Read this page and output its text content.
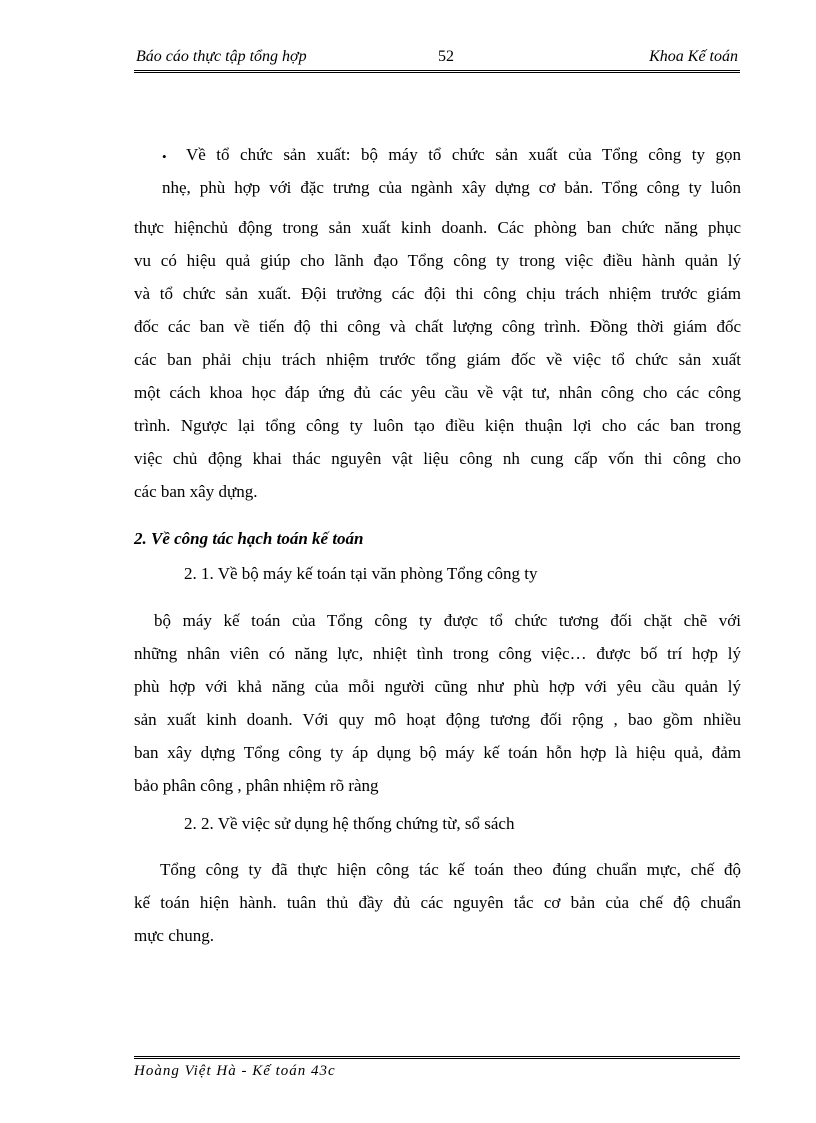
Báo cáo thực tập tổng hợp	52	Khoa Kế toán
• Về tổ chức sản xuất: bộ máy tổ chức sản xuất của Tổng công ty gọn
nhẹ, phù hợp với đặc trưng của ngành xây dựng cơ bản. Tổng công ty luôn
thực hiệnchủ động trong sản xuất kinh doanh. Các phòng ban chức năng phục
vu có hiệu quả giúp cho lãnh đạo Tổng công ty trong việc điều hành quản lý
và tổ chức sản xuất. Đội trưởng các đội thi công chịu trách nhiệm trước giám
đốc các ban về tiến độ thi công và chất lượng công trình. Đồng thời giám đốc
các ban phải chịu trách nhiệm trước tổng giám đốc về việc tổ chức sản xuất
một cách khoa học đáp ứng đủ các yêu cầu về vật tư, nhân công cho các công
trình. Ngược lại tổng công ty luôn tạo điều kiện thuận lợi cho các ban trong
việc chủ động khai thác nguyên vật liệu công nh cung cấp vốn thi công cho
các ban xây dựng.
2. Về công tác hạch toán kế toán
2. 1. Về bộ máy kế toán tại văn phòng Tổng công ty
bộ máy kế toán của Tổng công ty được tổ chức tương đối chặt chẽ với
những nhân viên có năng lực, nhiệt tình trong công việc… được bố trí hợp lý
phù hợp với khả năng của mỗi người cũng như phù hợp với yêu cầu quản lý
sản xuất kinh doanh. Với quy mô hoạt động tương đối rộng , bao gồm nhiều
ban xây dựng Tổng công ty áp dụng bộ máy kế toán hỗn hợp là hiệu quả, đảm
bảo phân công , phân nhiệm rõ ràng
2. 2. Về việc sử dụng hệ thống chứng từ, sổ sách
Tổng công ty đã thực hiện công tác kế toán theo đúng chuẩn mực, chế độ
kế toán hiện hành. tuân thủ đầy đủ các nguyên tắc cơ bản của chế độ chuẩn
mực chung.
Hoàng Việt Hà - Kế toán 43c
